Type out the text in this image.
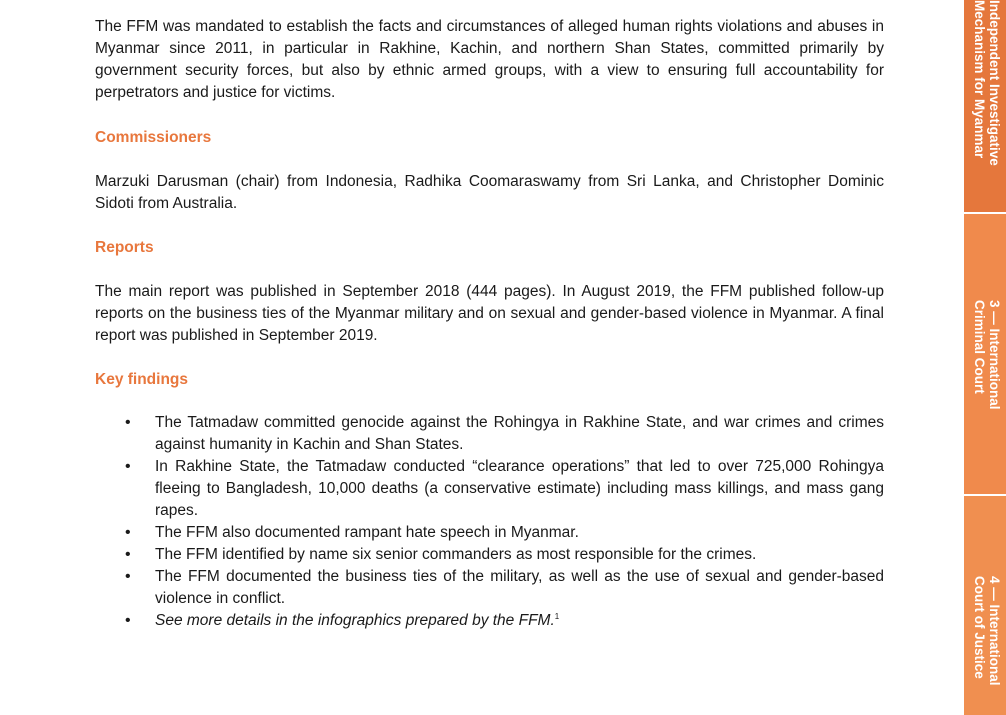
The FFM was mandated to establish the facts and circumstances of alleged human rights violations and abuses in Myanmar since 2011, in particular in Rakhine, Kachin, and northern Shan States, committed primarily by government security forces, but also by ethnic armed groups, with a view to ensuring full accountability for perpetrators and justice for victims.

Commissioners

Marzuki Darusman (chair) from Indonesia, Radhika Coomaraswamy from Sri Lanka, and Christopher Dominic Sidoti from Australia.

Reports

The main report was published in September 2018 (444 pages). In August 2019, the FFM published follow-up reports on the business ties of the Myanmar military and on sexual and gender-based violence in Myanmar. A final report was published in September 2019.

Key findings
• The Tatmadaw committed genocide against the Rohingya in Rakhine State, and war crimes and crimes against humanity in Kachin and Shan States.
• In Rakhine State, the Tatmadaw conducted “clearance operations” that led to over 725,000 Rohingya fleeing to Bangladesh, 10,000 deaths (a conservative estimate) including mass killings, and mass gang rapes.
• The FFM also documented rampant hate speech in Myanmar.
• The FFM identified by name six senior commanders as most responsible for the crimes.
• The FFM documented the business ties of the military, as well as the use of sexual and gender-based violence in conflict.
• See more details in the infographics prepared by the FFM.$^1$
Independent Investigative
Mechanism for Myanmar
3 — International
Criminal Court
4 — International
Court of Justice
